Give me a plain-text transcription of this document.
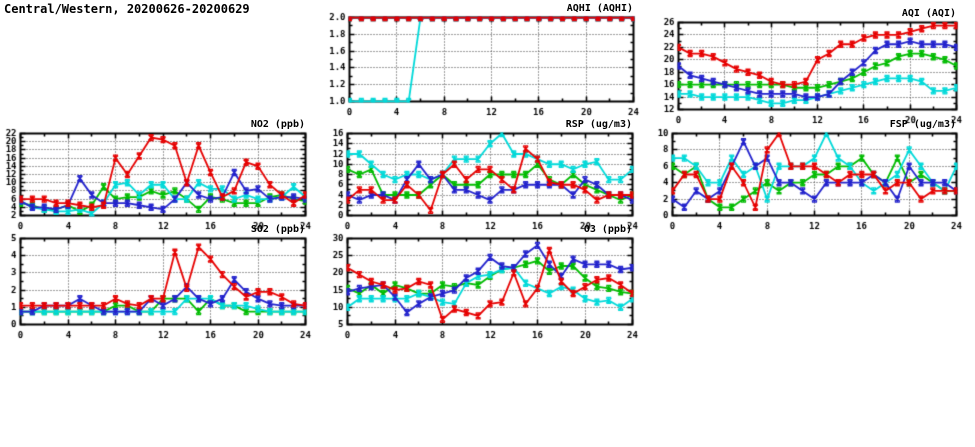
Central/Western, 20200626-20200629	AQHI (AQHI)	AQI (AQI)
NO2 (ppb)	RSP (ug/m3)	FSP (ug/m3)
SO2 (ppb)	O3 (ppb)
